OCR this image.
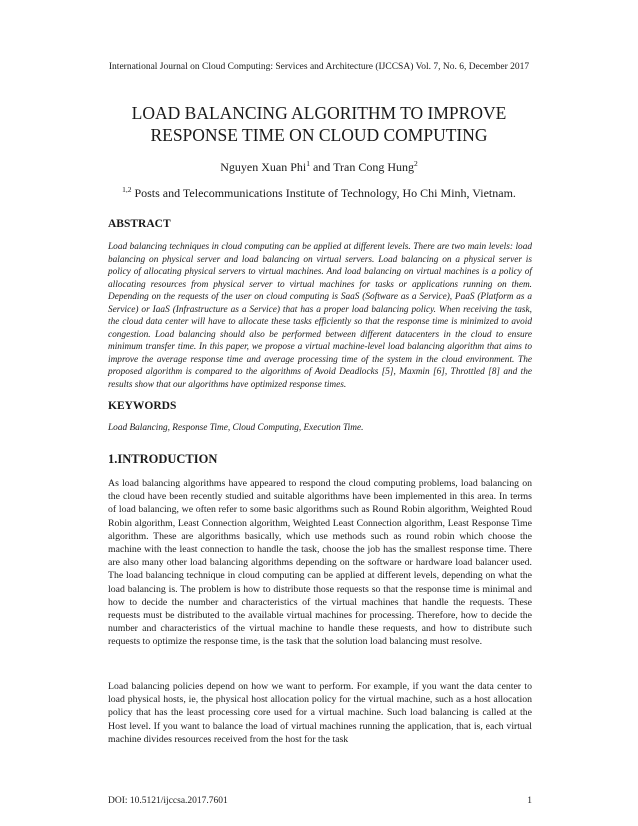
International Journal on Cloud Computing: Services and Architecture (IJCCSA) Vol. 7, No. 6, December 2017
LOAD BALANCING ALGORITHM TO IMPROVE
RESPONSE TIME ON CLOUD COMPUTING
Nguyen Xuan Phi$^1$ and Tran Cong Hung$^2$
$^{1,2}$ Posts and Telecommunications Institute of Technology, Ho Chi Minh, Vietnam.
ABSTRACT
Load balancing techniques in cloud computing can be applied at different levels. There are two main levels: load balancing on physical server and load balancing on virtual servers. Load balancing on a physical server is policy of allocating physical servers to virtual machines. And load balancing on virtual machines is a policy of allocating resources from physical server to virtual machines for tasks or applications running on them. Depending on the requests of the user on cloud computing is SaaS (Software as a Service), PaaS (Platform as a Service) or IaaS (Infrastructure as a Service) that has a proper load balancing policy. When receiving the task, the cloud data center will have to allocate these tasks efficiently so that the response time is minimized to avoid congestion. Load balancing should also be performed between different datacenters in the cloud to ensure minimum transfer time. In this paper, we propose a virtual machine-level load balancing algorithm that aims to improve the average response time and average processing time of the system in the cloud environment. The proposed algorithm is compared to the algorithms of Avoid Deadlocks [5], Maxmin [6], Throttled [8] and the results show that our algorithms have optimized response times.
KEYWORDS
Load Balancing, Response Time, Cloud Computing, Execution Time.
1.INTRODUCTION

As load balancing algorithms have appeared to respond the cloud computing problems, load balancing on the cloud have been recently studied and suitable algorithms have been implemented in this area. In terms of load balancing, we often refer to some basic algorithms such as Round Robin algorithm, Weighted Roud Robin algorithm, Least Connection algorithm, Weighted Least Connection algorithm, Least Response Time algorithm. These are algorithms basically, which use methods such as round robin which choose the machine with the least connection to handle the task, choose the job has the smallest response time. There are also many other load balancing algorithms depending on the software or hardware load balancer used. The load balancing technique in cloud computing can be applied at different levels, depending on what the load balancing is. The problem is how to distribute those requests so that the response time is minimal and how to decide the number and characteristics of the virtual machines that handle the requests. These requests must be distributed to the available virtual machines for processing. Therefore, how to decide the number and characteristics of the virtual machine to handle these requests, and how to distribute such requests to optimize the response time, is the task that the solution load balancing must resolve.

Load balancing policies depend on how we want to perform. For example, if you want the data center to load physical hosts, ie, the physical host allocation policy for the virtual machine, such as a host allocation policy that has the least processing core used for a virtual machine. Such load balancing is called at the Host level. If you want to balance the load of virtual machines running the application, that is, each virtual machine divides resources received from the host for the task

DOI: 10.5121/ijccsa.2017.7601	1
